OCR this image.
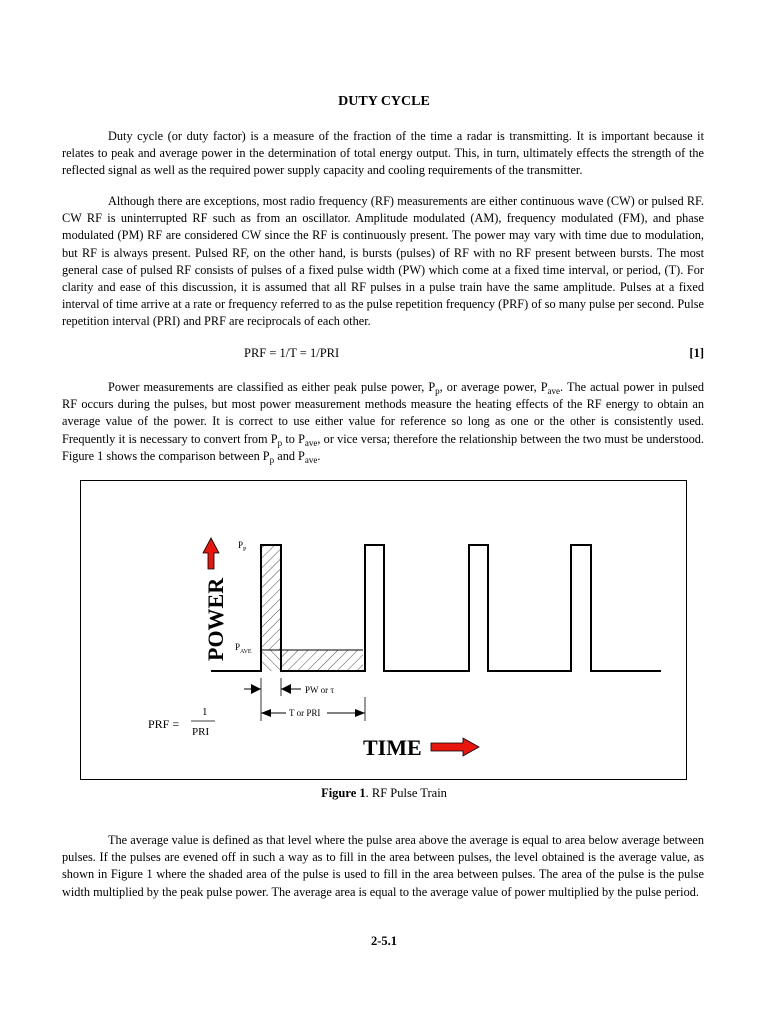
DUTY CYCLE

Duty cycle (or duty factor) is a measure of the fraction of the time a radar is transmitting. It is important because it relates to peak and average power in the determination of total energy output. This, in turn, ultimately effects the strength of the reflected signal as well as the required power supply capacity and cooling requirements of the transmitter.

Although there are exceptions, most radio frequency (RF) measurements are either continuous wave (CW) or pulsed RF. CW RF is uninterrupted RF such as from an oscillator. Amplitude modulated (AM), frequency modulated (FM), and phase modulated (PM) RF are considered CW since the RF is continuously present. The power may vary with time due to modulation, but RF is always present. Pulsed RF, on the other hand, is bursts (pulses) of RF with no RF present between bursts. The most general case of pulsed RF consists of pulses of a fixed pulse width (PW) which come at a fixed time interval, or period, (T). For clarity and ease of this discussion, it is assumed that all RF pulses in a pulse train have the same amplitude. Pulses at a fixed interval of time arrive at a rate or frequency referred to as the pulse repetition frequency (PRF) of so many pulse per second. Pulse repetition interval (PRI) and PRF are reciprocals of each other.

PRF = 1/T = 1/PRI	[1]

Power measurements are classified as either peak pulse power, $P_p$, or average power, $P_{ave}$. The actual power in pulsed RF occurs during the pulses, but most power measurement methods measure the heating effects of the RF energy to obtain an average value of the power. It is correct to use either value for reference so long as one or the other is consistently used. Frequently it is necessary to convert from $P_p$ to $P_{ave}$, or vice versa; therefore the relationship between the two must be understood. Figure 1 shows the comparison between $P_p$ and $P_{ave}$.

$P_P$
$P_{AVE}$
POWER
PW or τ
T or PRI
PRF =
1
PRI
TIME
Figure 1. RF Pulse Train

The average value is defined as that level where the pulse area above the average is equal to area below average between pulses. If the pulses are evened off in such a way as to fill in the area between pulses, the level obtained is the average value, as shown in Figure 1 where the shaded area of the pulse is used to fill in the area between pulses. The area of the pulse is the pulse width multiplied by the peak pulse power. The average area is equal to the average value of power multiplied by the pulse period.

2-5.1
